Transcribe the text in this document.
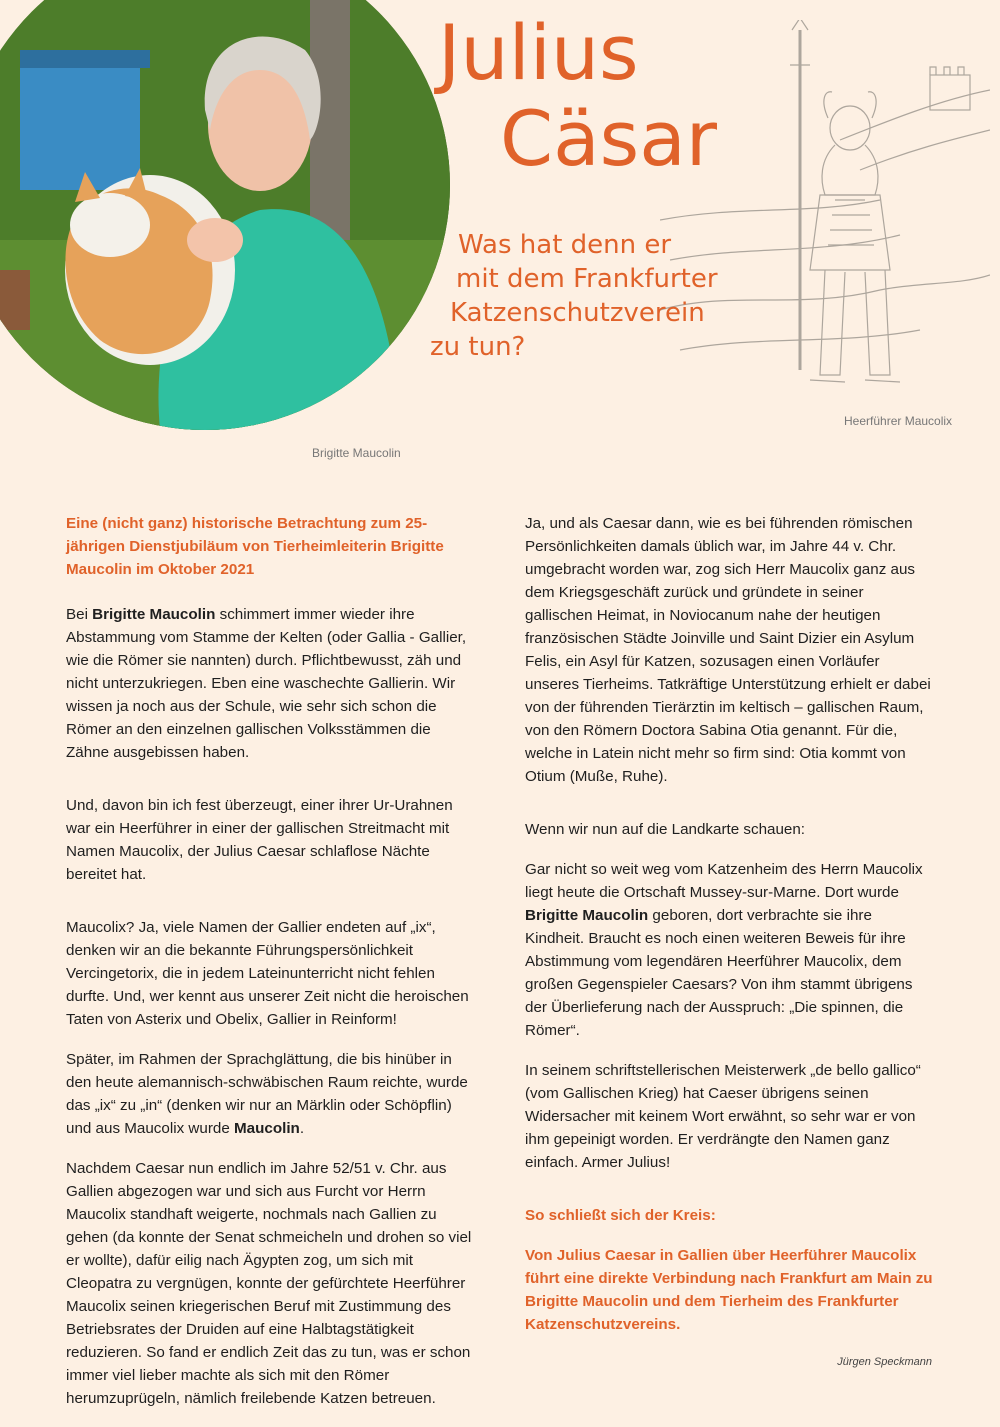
Brigitte Maucolin
Julius
Cäsar
Heerführer Maucolix
Was hat denn er
mit dem Frankfurter
Katzenschutzverein
zu tun?

Eine (nicht ganz) historische Betrachtung zum 25-jährigen Dienstjubiläum von Tierheimleiterin Brigitte Maucolin im Oktober 2021

Bei Brigitte Maucolin schimmert immer wieder ihre Abstammung vom Stamme der Kelten (oder Gallia - Gallier, wie die Römer sie nannten) durch. Pflichtbewusst, zäh und nicht unterzukriegen. Eben eine waschechte Gallierin. Wir wissen ja noch aus der Schule, wie sehr sich schon die Römer an den einzelnen gallischen Volksstämmen die Zähne ausgebissen haben.

Und, davon bin ich fest überzeugt, einer ihrer Ur-Urahnen war ein Heerführer in einer der gallischen Streitmacht mit Namen Maucolix, der Julius Caesar schlaflose Nächte bereitet hat.

Maucolix? Ja, viele Namen der Gallier endeten auf „ix“, denken wir an die bekannte Führungspersönlichkeit Vercingetorix, die in jedem Lateinunterricht nicht fehlen durfte. Und, wer kennt aus unserer Zeit nicht die heroischen Taten von Asterix und Obelix, Gallier in Reinform!

Später, im Rahmen der Sprachglättung, die bis hinüber in den heute alemannisch-schwäbischen Raum reichte, wurde das „ix“ zu „in“ (denken wir nur an Märklin oder Schöpflin) und aus Maucolix wurde Maucolin.

Nachdem Caesar nun endlich im Jahre 52/51 v. Chr. aus Gallien abgezogen war und sich aus Furcht vor Herrn Maucolix standhaft weigerte, nochmals nach Gallien zu gehen (da konnte der Senat schmeicheln und drohen so viel er wollte), dafür eilig nach Ägypten zog, um sich mit Cleopatra zu vergnügen, konnte der gefürchtete Heerführer Maucolix seinen kriegerischen Beruf mit Zustimmung des Betriebsrates der Druiden auf eine Halbtagstätigkeit reduzieren. So fand er endlich Zeit das zu tun, was er schon immer viel lieber machte als sich mit den Römer herumzuprügeln, nämlich freilebende Katzen betreuen.

Ja, und als Caesar dann, wie es bei führenden römischen Persönlichkeiten damals üblich war, im Jahre 44 v. Chr. umgebracht worden war, zog sich Herr Maucolix ganz aus dem Kriegsgeschäft zurück und gründete in seiner gallischen Heimat, in Noviocanum nahe der heutigen französischen Städte Joinville und Saint Dizier ein Asylum Felis, ein Asyl für Katzen, sozusagen einen Vorläufer unseres Tierheims. Tatkräftige Unterstützung erhielt er dabei von der führenden Tierärztin im keltisch – gallischen Raum, von den Römern Doctora Sabina Otia genannt. Für die, welche in Latein nicht mehr so firm sind: Otia kommt von Otium (Muße, Ruhe).

Wenn wir nun auf die Landkarte schauen:

Gar nicht so weit weg vom Katzenheim des Herrn Maucolix liegt heute die Ortschaft Mussey-sur-Marne. Dort wurde Brigitte Maucolin geboren, dort verbrachte sie ihre Kindheit. Braucht es noch einen weiteren Beweis für ihre Abstimmung vom legendären Heerführer Maucolix, dem großen Gegenspieler Caesars? Von ihm stammt übrigens der Überlieferung nach der Ausspruch: „Die spinnen, die Römer“.

In seinem schriftstellerischen Meisterwerk „de bello gallico“ (vom Gallischen Krieg) hat Caeser übrigens seinen Widersacher mit keinem Wort erwähnt, so sehr war er von ihm gepeinigt worden. Er verdrängte den Namen ganz einfach. Armer Julius!

So schließt sich der Kreis:

Von Julius Caesar in Gallien über Heerführer Maucolix führt eine direkte Verbindung nach Frankfurt am Main zu Brigitte Maucolin und dem Tierheim des Frankfurter Katzenschutzvereins.

Jürgen Speckmann
